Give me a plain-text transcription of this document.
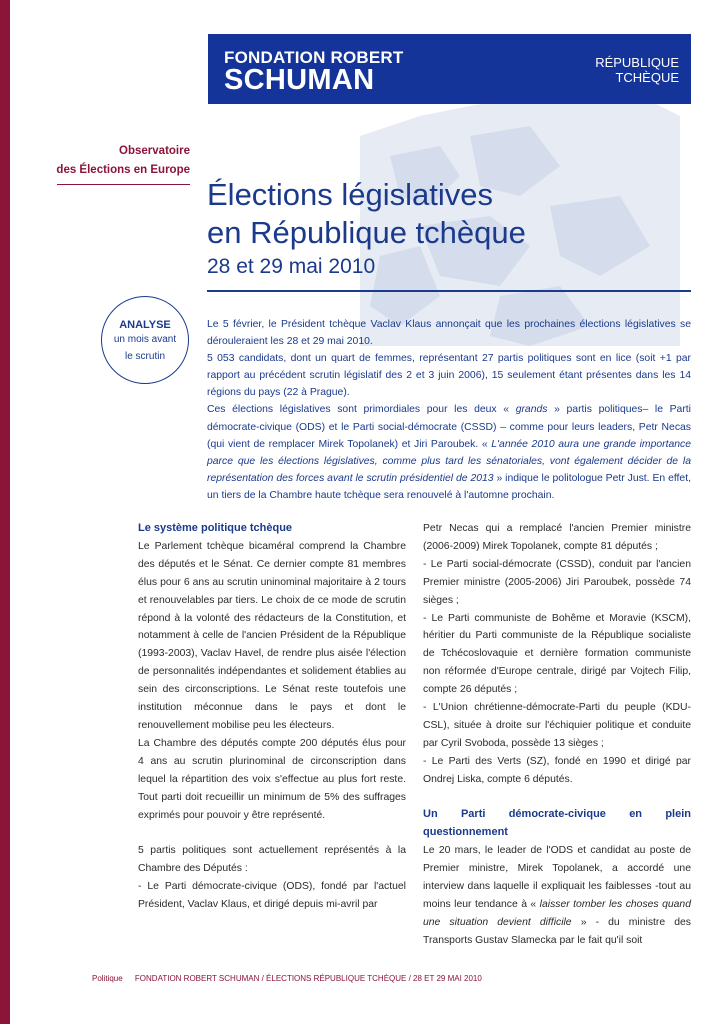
FONDATION ROBERT
SCHUMAN
RÉPUBLIQUE
TCHÈQUE
Observatoire
des Élections en Europe
Élections législatives
en République tchèque
28 et 29 mai 2010
ANALYSE
un mois avant
le scrutin

Le 5 février, le Président tchèque Vaclav Klaus annonçait que les prochaines élections législatives se dérouleraient les 28 et 29 mai 2010.

5 053 candidats, dont un quart de femmes, représentant 27 partis politiques sont en lice (soit +1 par rapport au précédent scrutin législatif des 2 et 3 juin 2006), 15 seulement étant présentes dans les 14 régions du pays (22 à Prague).

Ces élections législatives sont primordiales pour les deux « grands » partis politiques– le Parti démocrate-civique (ODS) et le Parti social-démocrate (CSSD) – comme pour leurs leaders, Petr Necas (qui vient de remplacer Mirek Topolanek) et Jiri Paroubek. « L'année 2010 aura une grande importance parce que les élections législatives, comme plus tard les sénatoriales, vont également décider de la représentation des forces avant le scrutin présidentiel de 2013 » indique le politologue Petr Just. En effet, un tiers de la Chambre haute tchèque sera renouvelé à l'automne prochain.

Le système politique tchèque

Le Parlement tchèque bicaméral comprend la Chambre des députés et le Sénat. Ce dernier compte 81 membres élus pour 6 ans au scrutin uninominal majoritaire à 2 tours et renouvelables par tiers. Le choix de ce mode de scrutin répond à la volonté des rédacteurs de la Constitution, et notamment à celle de l'ancien Président de la République (1993-2003), Vaclav Havel, de rendre plus aisée l'élection de personnalités indépendantes et solidement établies au sein des circonscriptions. Le Sénat reste toutefois une institution méconnue dans le pays et dont le renouvellement mobilise peu les électeurs.

La Chambre des députés compte 200 députés élus pour 4 ans au scrutin plurinominal de circonscription dans lequel la répartition des voix s'effectue au plus fort reste. Tout parti doit recueillir un minimum de 5% des suffrages exprimés pour pouvoir y être représenté.

5 partis politiques sont actuellement représentés à la Chambre des Députés :

- Le Parti démocrate-civique (ODS), fondé par l'actuel Président, Vaclav Klaus, et dirigé depuis mi-avril par

Petr Necas qui a remplacé l'ancien Premier ministre (2006-2009) Mirek Topolanek, compte 81 députés ;

- Le Parti social-démocrate (CSSD), conduit par l'ancien Premier ministre (2005-2006) Jiri Paroubek, possède 74 sièges ;

- Le Parti communiste de Bohême et Moravie (KSCM), héritier du Parti communiste de la République socialiste de Tchécoslovaquie et dernière formation communiste non réformée d'Europe centrale, dirigé par Vojtech Filip, compte 26 députés ;

- L'Union chrétienne-démocrate-Parti du peuple (KDU-CSL), située à droite sur l'échiquier politique et conduite par Cyril Svoboda, possède 13 sièges ;

- Le Parti des Verts (SZ), fondé en 1990 et dirigé par Ondrej Liska, compte 6 députés.

Un Parti démocrate-civique en plein questionnement

Le 20 mars, le leader de l'ODS et candidat au poste de Premier ministre, Mirek Topolanek, a accordé une interview dans laquelle il expliquait les faiblesses -tout au moins leur tendance à « laisser tomber les choses quand une situation devient difficile » - du ministre des Transports Gustav Slamecka par le fait qu'il soit

Politique FONDATION ROBERT SCHUMAN / ÉLECTIONS RÉPUBLIQUE TCHÈQUE / 28 ET 29 MAI 2010
